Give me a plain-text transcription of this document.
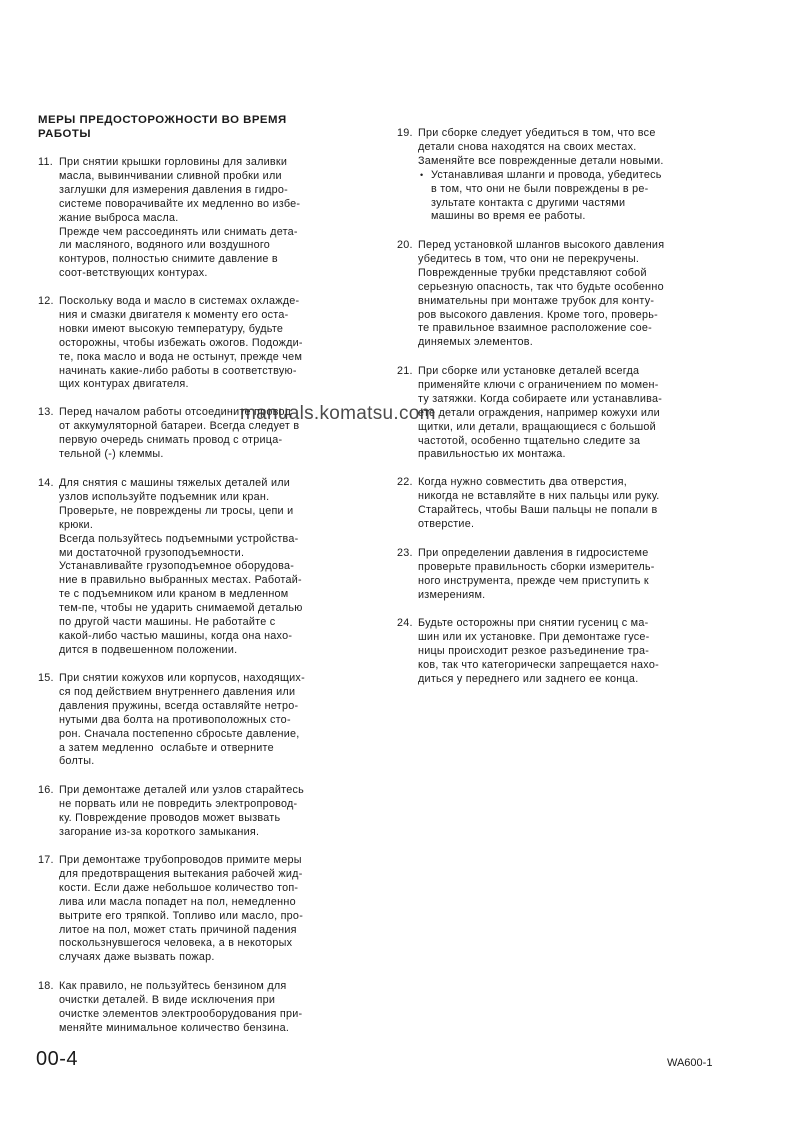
МЕРЫ ПРЕДОСТОРОЖНОСТИ ВО ВРЕМЯ
РАБОТЫ
11. При снятии крышки горловины для заливки
масла, вывинчивании сливной пробки или
заглушки для измерения давления в гидро-
системе поворачивайте их медленно во избе-
жание выброса масла.
Прежде чем рассоединять или снимать дета-
ли масляного, водяного или воздушного
контуров, полностью снимите давление в
соот-ветствующих контурах.
12. Поскольку вода и масло в системах охлажде-
ния и смазки двигателя к моменту его оста-
новки имеют высокую температуру, будьте
осторожны, чтобы избежать ожогов. Подожди-
те, пока масло и вода не остынут, прежде чем
начинать какие-либо работы в соответствую-
щих контурах двигателя.
13. Перед началом работы отсоедините провод
от аккумуляторной батареи. Всегда следует в
первую очередь снимать провод с отрица-
тельной (-) клеммы.
14. Для снятия с машины тяжелых деталей или
узлов используйте подъемник или кран.
Проверьте, не повреждены ли тросы, цепи и
крюки.
Всегда пользуйтесь подъемными устройства-
ми достаточной грузоподъемности.
Устанавливайте грузоподъемное оборудова-
ние в правильно выбранных местах. Работай-
те с подъемником или краном в медленном
тем-пе, чтобы не ударить снимаемой деталью
по другой части машины. Не работайте с
какой-либо частью машины, когда она нахо-
дится в подвешенном положении.
15. При снятии кожухов или корпусов, находящих-
ся под действием внутреннего давления или
давления пружины, всегда оставляйте нетро-
нутыми два болта на противоположных сто-
рон. Сначала постепенно сбросьте давление,
а затем медленно  ослабьте и отверните
болты.
16. При демонтаже деталей или узлов старайтесь
не порвать или не повредить электропровод-
ку. Повреждение проводов может вызвать
загорание из-за короткого замыкания.
17. При демонтаже трубопроводов примите меры
для предотвращения вытекания рабочей жид-
кости. Если даже небольшое количество топ-
лива или масла попадет на пол, немедленно
вытрите его тряпкой. Топливо или масло, про-
литое на пол, может стать причиной падения
поскользнувшегося человека, а в некоторых
случаях даже вызвать пожар.
18. Как правило, не пользуйтесь бензином для
очистки деталей. В виде исключения при
очистке элементов электрооборудования при-
меняйте минимальное количество бензина.
19. При сборке следует убедиться в том, что все
детали снова находятся на своих местах.
Заменяйте все поврежденные детали новыми.

• Устанавливая шланги и провода, убедитесь
в том, что они не были повреждены в ре-
зультате контакта с другими частями
машины во время ее работы.
20. Перед установкой шлангов высокого давления
убедитесь в том, что они не перекручены.
Поврежденные трубки представляют собой
серьезную опасность, так что будьте особенно
внимательны при монтаже трубок для конту-
ров высокого давления. Кроме того, проверь-
те правильное взаимное расположение сое-
диняемых элементов.
21. При сборке или установке деталей всегда
применяйте ключи с ограничением по момен-
ту затяжки. Когда собираете или устанавлива-
ете детали ограждения, например кожухи или
щитки, или детали, вращающиеся с большой
частотой, особенно тщательно следите за
правильностью их монтажа.
22. Когда нужно совместить два отверстия,
никогда не вставляйте в них пальцы или руку.
Старайтесь, чтобы Ваши пальцы не попали в
отверстие.
23. При определении давления в гидросистеме
проверьте правильность сборки измеритель-
ного инструмента, прежде чем приступить к
измерениям.
24. Будьте осторожны при снятии гусениц с ма-
шин или их установке. При демонтаже гусе-
ницы происходит резкое разъединение тра-
ков, так что категорически запрещается нахо-
диться у переднего или заднего ее конца.
manuals.komatsu.com
00-4	WA600-1
